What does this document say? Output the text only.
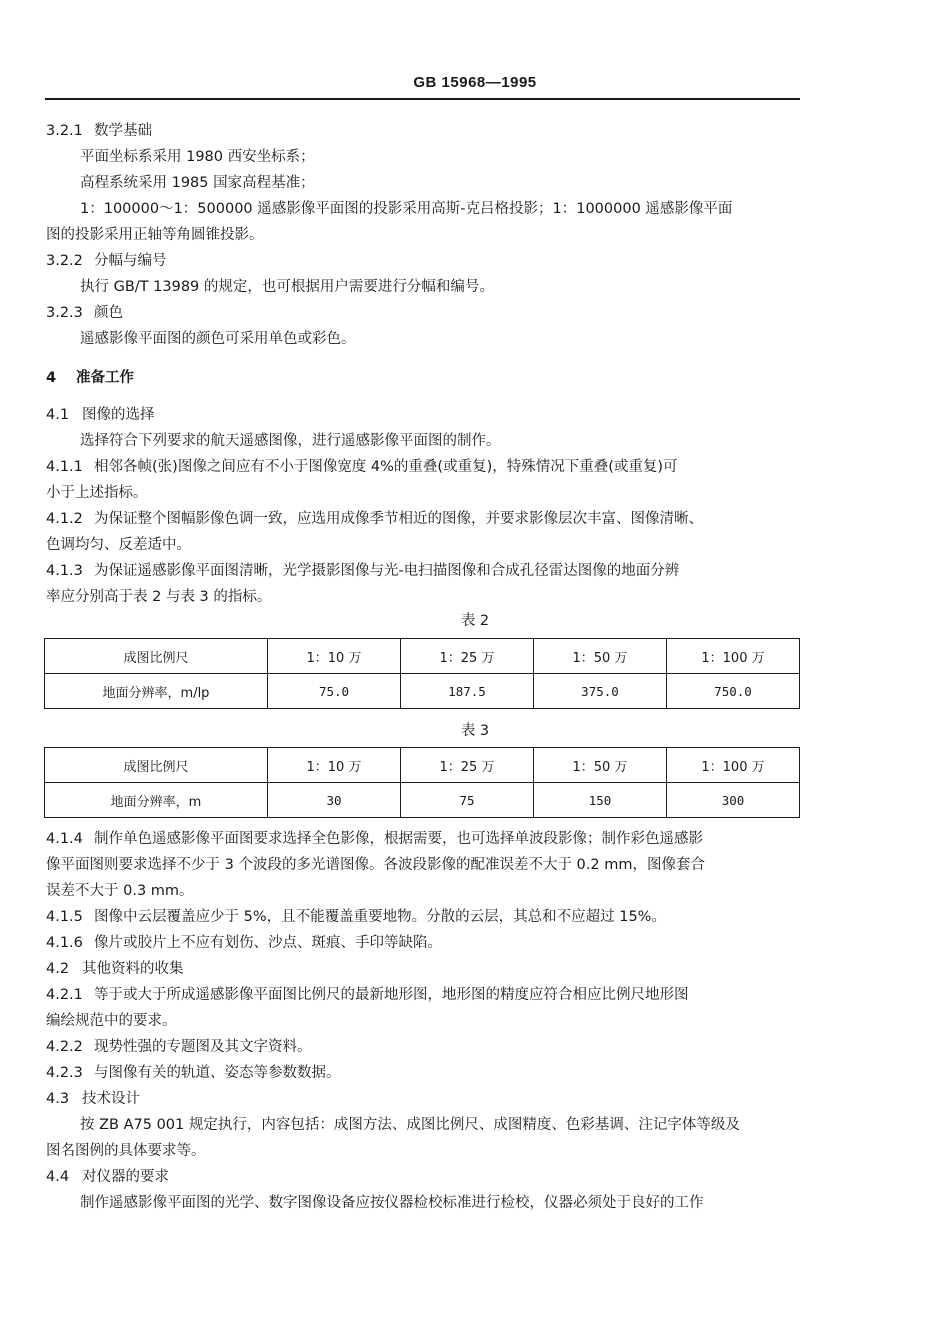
GB 15968—1995
3.2.1 数学基础
平面坐标系采用 1980 西安坐标系；
高程系统采用 1985 国家高程基准；
1：100000～1：500000 遥感影像平面图的投影采用高斯-克吕格投影；1：1000000 遥感影像平面
图的投影采用正轴等角圆锥投影。
3.2.2 分幅与编号
执行 GB/T 13989 的规定，也可根据用户需要进行分幅和编号。
3.2.3 颜色
遥感影像平面图的颜色可采用单色或彩色。
4 准备工作
4.1 图像的选择
选择符合下列要求的航天遥感图像，进行遥感影像平面图的制作。
4.1.1 相邻各帧(张)图像之间应有不小于图像宽度 4%的重叠(或重复)，特殊情况下重叠(或重复)可
小于上述指标。
4.1.2 为保证整个图幅影像色调一致，应选用成像季节相近的图像，并要求影像层次丰富、图像清晰、
色调均匀、反差适中。
4.1.3 为保证遥感影像平面图清晰，光学摄影图像与光-电扫描图像和合成孔径雷达图像的地面分辨
率应分别高于表 2 与表 3 的指标。
表 2
成图比例尺	1：10 万	1：25 万	1：50 万	1：100 万
地面分辨率，m/lp	75.0	187.5	375.0	750.0
表 3
成图比例尺	1：10 万	1：25 万	1：50 万	1：100 万
地面分辨率，m	30	75	150	300
4.1.4 制作单色遥感影像平面图要求选择全色影像，根据需要，也可选择单波段影像；制作彩色遥感影
像平面图则要求选择不少于 3 个波段的多光谱图像。各波段影像的配准误差不大于 0.2 mm，图像套合
误差不大于 0.3 mm。
4.1.5 图像中云层覆盖应少于 5%，且不能覆盖重要地物。分散的云层，其总和不应超过 15%。
4.1.6 像片或胶片上不应有划伤、沙点、斑痕、手印等缺陷。
4.2 其他资料的收集
4.2.1 等于或大于所成遥感影像平面图比例尺的最新地形图，地形图的精度应符合相应比例尺地形图
编绘规范中的要求。
4.2.2 现势性强的专题图及其文字资料。
4.2.3 与图像有关的轨道、姿态等参数数据。
4.3 技术设计
按 ZB A75 001 规定执行，内容包括：成图方法、成图比例尺、成图精度、色彩基调、注记字体等级及
图名图例的具体要求等。
4.4 对仪器的要求
制作遥感影像平面图的光学、数字图像设备应按仪器检校标准进行检校，仪器必须处于良好的工作
